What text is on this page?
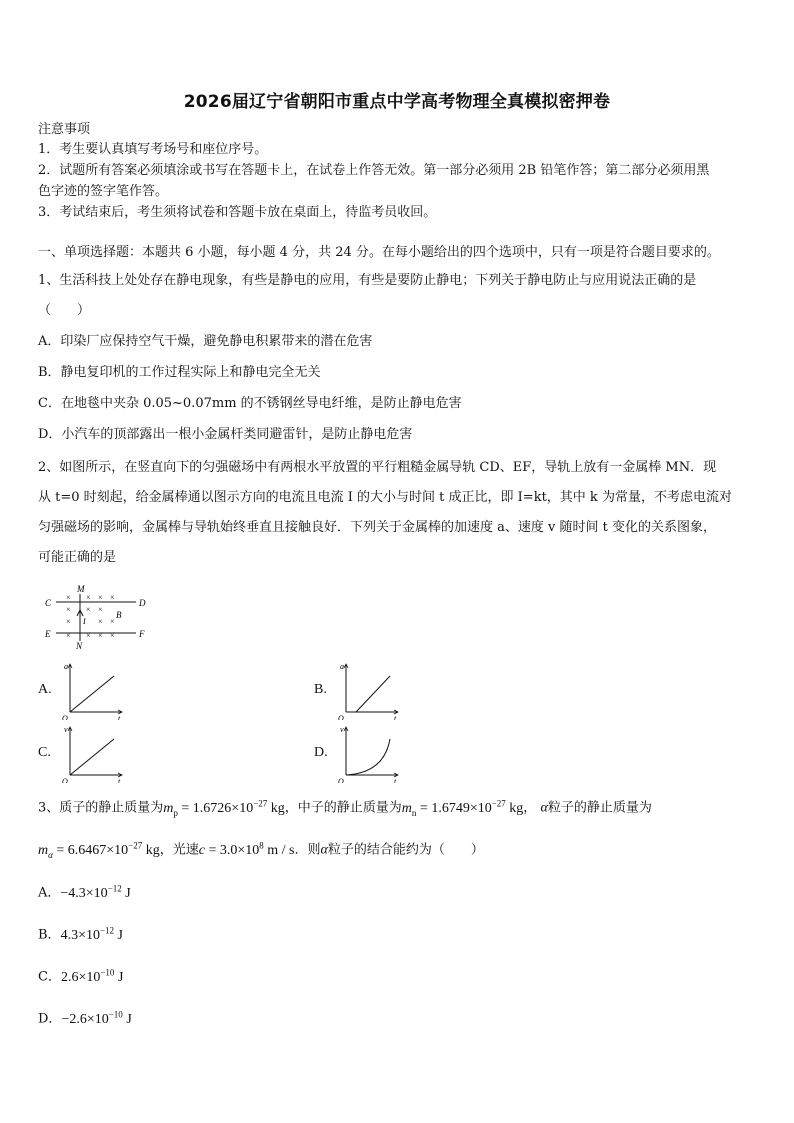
2026届辽宁省朝阳市重点中学高考物理全真模拟密押卷
注意事项
1．考生要认真填写考场号和座位序号。
2．试题所有答案必须填涂或书写在答题卡上，在试卷上作答无效。第一部分必须用 2B 铅笔作答；第二部分必须用黑
色字迹的签字笔作答。
3．考试结束后，考生须将试卷和答题卡放在桌面上，待监考员收回。
一、单项选择题：本题共 6 小题，每小题 4 分，共 24 分。在每小题给出的四个选项中，只有一项是符合题目要求的。
1、生活科技上处处存在静电现象，有些是静电的应用，有些是要防止静电；下列关于静电防止与应用说法正确的是
（　　）
A．印染厂应保持空气干燥，避免静电积累带来的潜在危害
B．静电复印机的工作过程实际上和静电完全无关
C．在地毯中夹杂 0.05~0.07mm 的不锈钢丝导电纤维，是防止静电危害
D．小汽车的顶部露出一根小金属杆类同避雷针，是防止静电危害
2、如图所示，在竖直向下的匀强磁场中有两根水平放置的平行粗糙金属导轨 CD、EF，导轨上放有一金属棒 MN．现
从 t=0 时刻起，给金属棒通以图示方向的电流且电流 I 的大小与时间 t 成正比，即 I=kt，其中 k 为常量，不考虑电流对
匀强磁场的影响，金属棒与导轨始终垂直且接触良好．下列关于金属棒的加速度 a、速度 v 随时间 t 变化的关系图象，
可能正确的是
C	D
E	F
M
N
B
I
× × × ×
× × ×
×	× ×
× × × ×
A.	B.
C.	D.
a
t
O
a
t
O
v
t
O
v
t
O
3、质子的静止质量为$m_p = 1.6726\times 10^{-27}$ kg，中子的静止质量为$m_n = 1.6749\times 10^{-27}$ kg， α粒子的静止质量为
$m_\alpha = 6.6467\times 10^{-27}$ kg，光速$c = 3.0\times 10^8$ m / s．则α粒子的结合能约为（　　）
A．$-4.3\times 10^{-12}$ J
B．$4.3\times 10^{-12}$ J
C．$2.6\times 10^{-10}$ J
D．$-2.6\times 10^{-10}$ J
